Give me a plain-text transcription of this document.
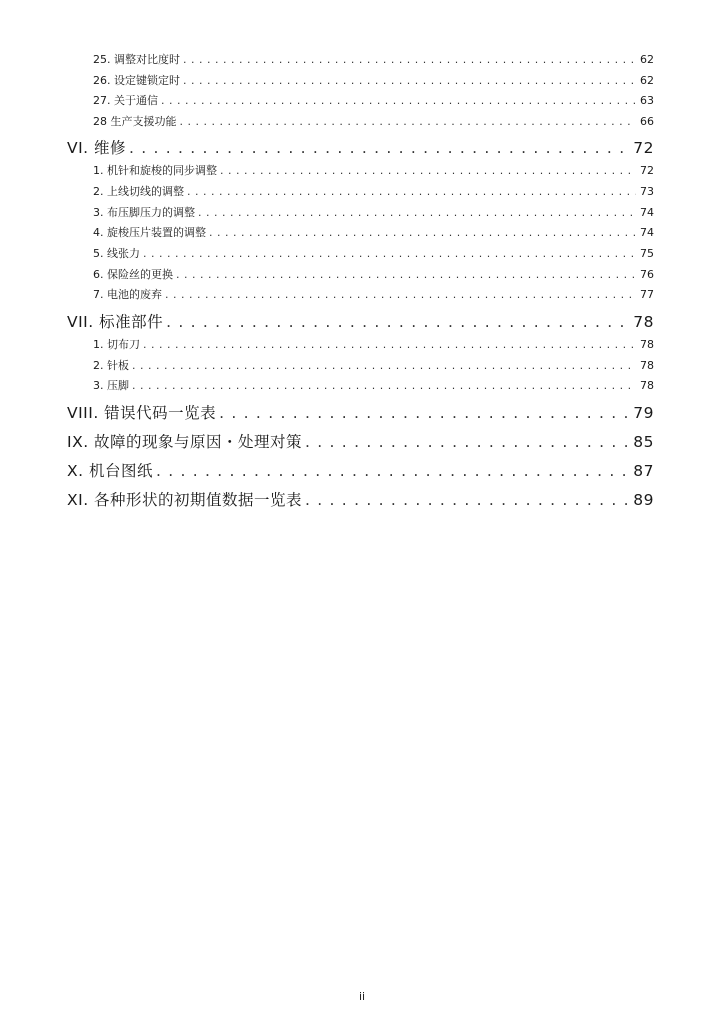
25. 调整对比度时 . . .	62
26. 设定键锁定时 . . .	62
27. 关于通信 . . .	63
28 生产支援功能 . . .	66
VI. 维修 . . .	72
1. 机针和旋梭的同步调整 . . .	72
2. 上线切线的调整 . . .	73
3. 布压脚压力的调整 . . .	74
4. 旋梭压片装置的调整 . . .	74
5. 线张力 . . .	75
6. 保险丝的更换 . . .	76
7. 电池的废弃 . . .	77
VII. 标准部件 . . .	78
1. 切布刀 . . .	78
2. 针板 . . .	78
3. 压脚 . . .	78
VIII. 错误代码一览表 . . .	79
IX. 故障的现象与原因・处理对策 . . .	85
X. 机台图纸 . . .	87
XI. 各种形状的初期值数据一览表 . . .	89
ii
